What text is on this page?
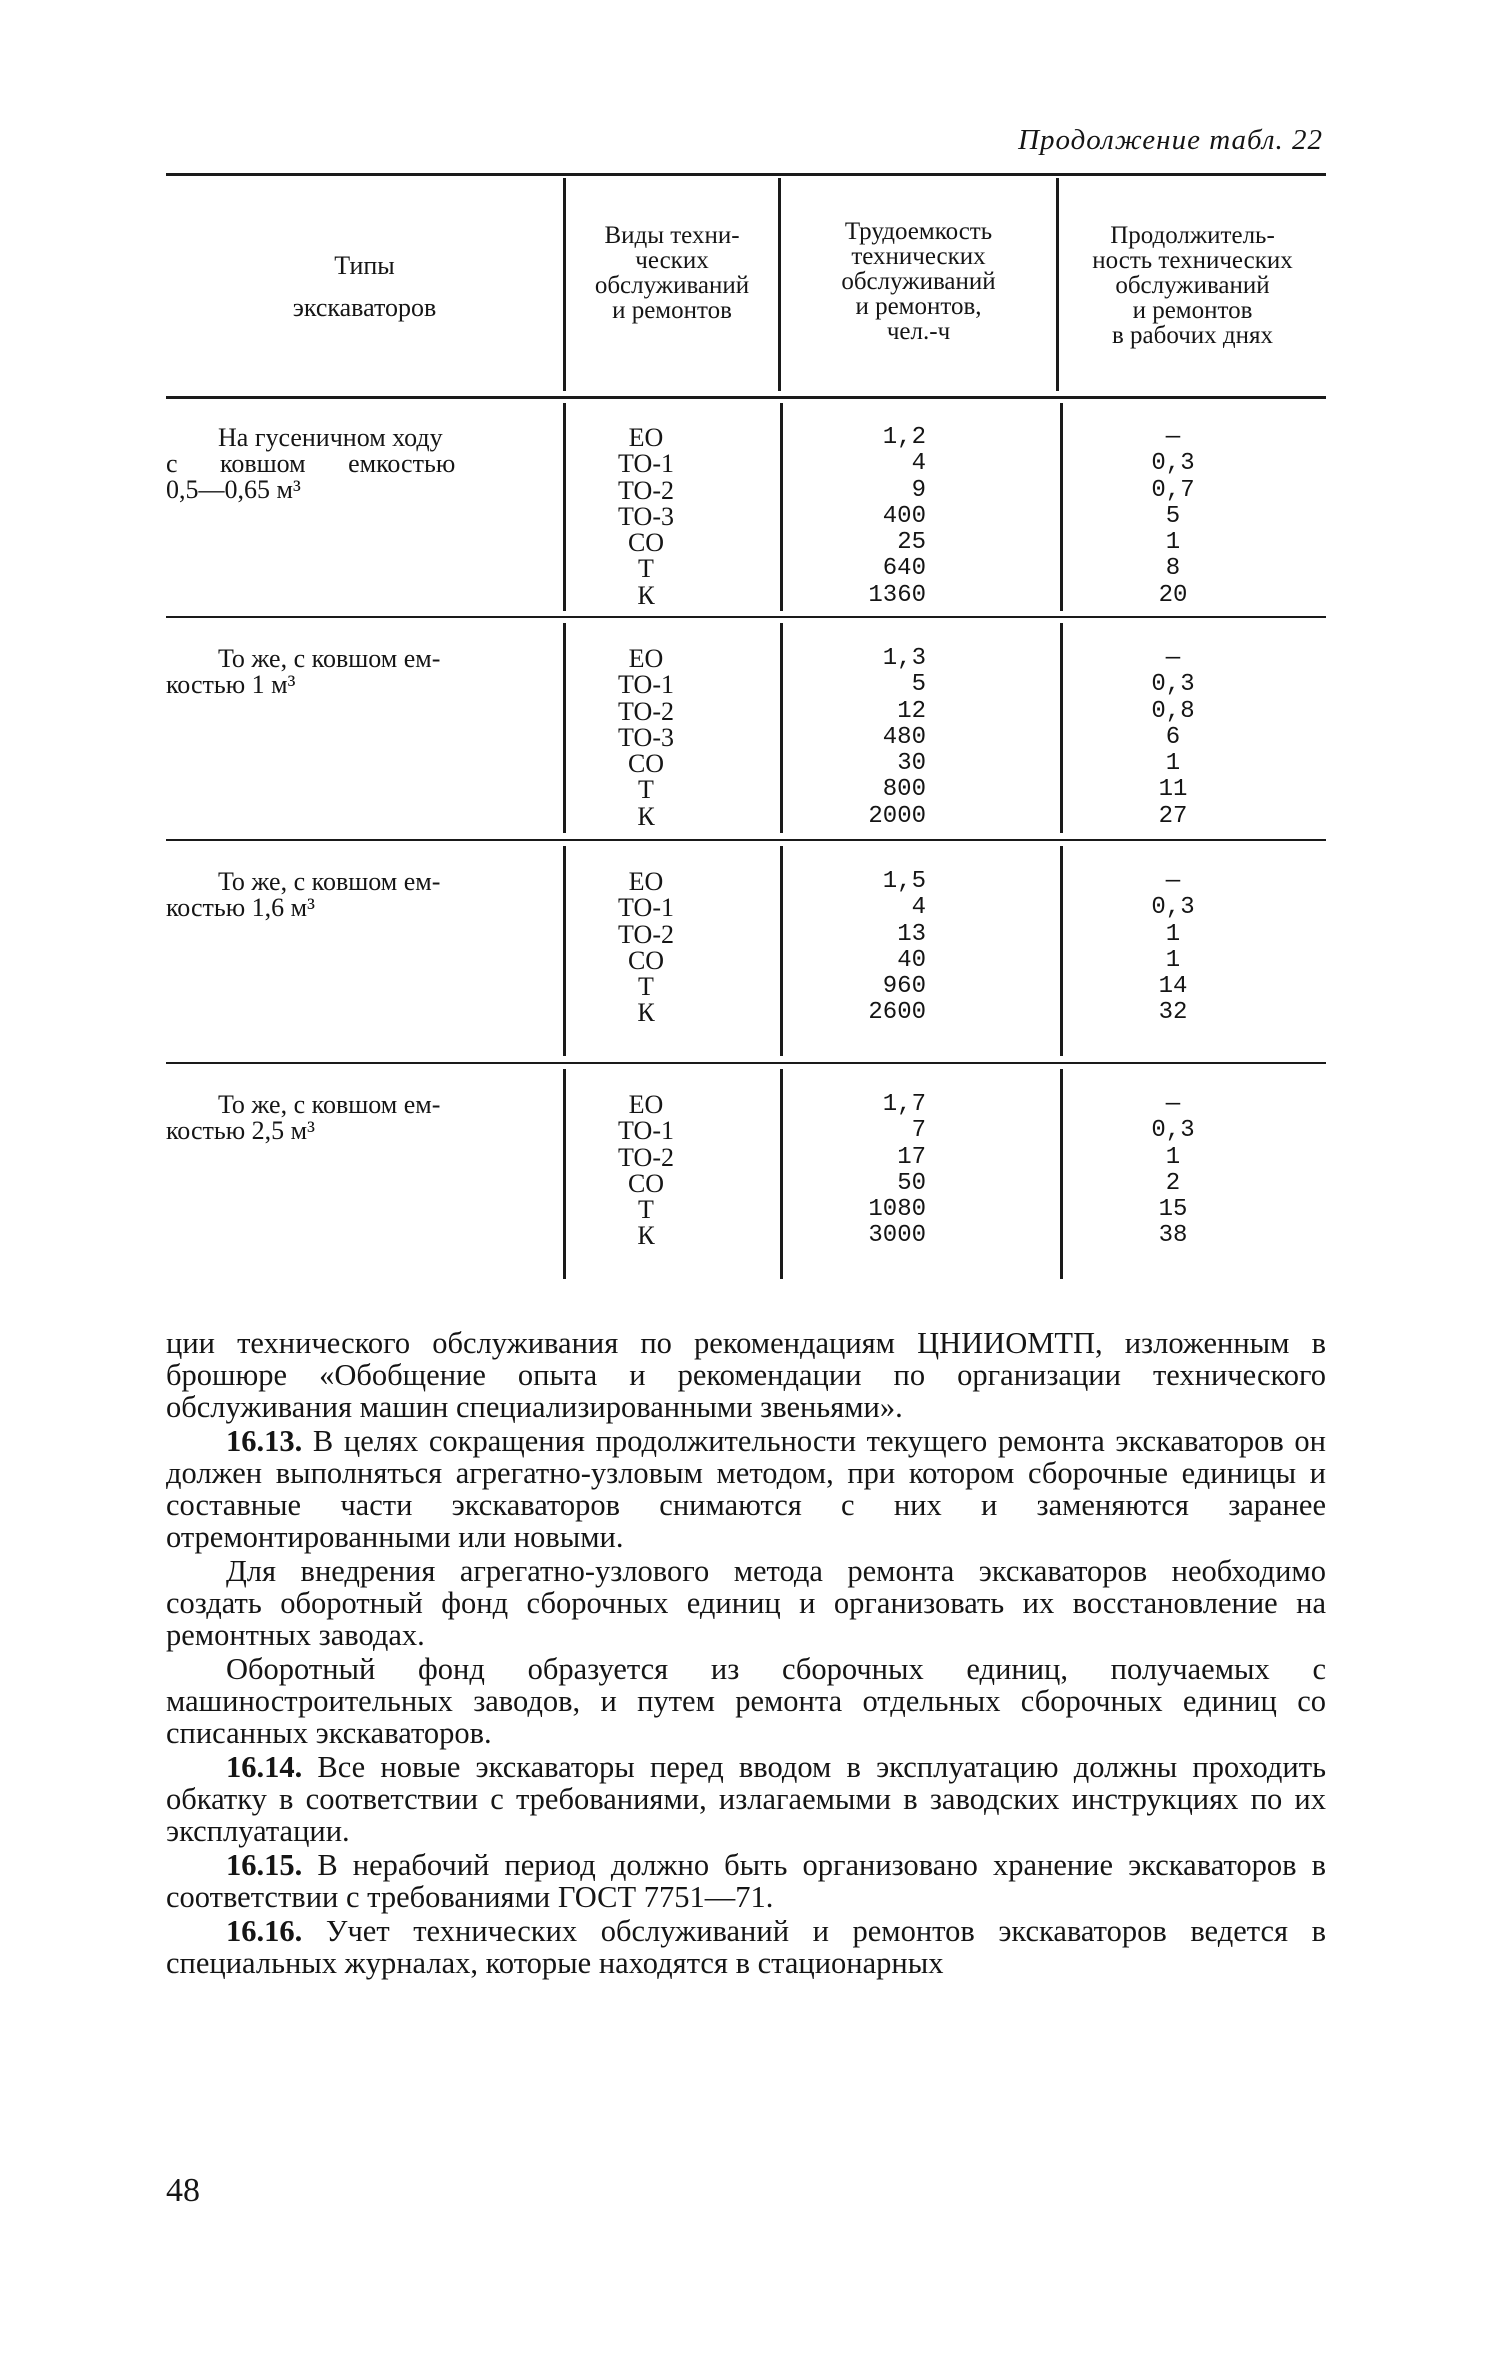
Продолжение табл. 22
Типы
экскаваторов
Виды техни-
ческих
обслуживаний
и ремонтов
Трудоемкость
технических
обслуживаний
и ремонтов,
чел.-ч
Продолжитель-
ность технических
обслуживаний
и ремонтов
в рабочих днях
На гусеничном ходу
с ковшом емкостью
0,5—0,65 м³
ЕО
ТО-1
ТО-2
ТО-3
СО
Т
К
1,2
4
9
400
25
640
1360
—
0,3
0,7
5
1
8
20
То же, с ковшом ем-
костью 1 м³
ЕО
ТО-1
ТО-2
ТО-3
СО
Т
К
1,3
5
12
480
30
800
2000
—
0,3
0,8
6
1
11
27
То же, с ковшом ем-
костью 1,6 м³
ЕО
ТО-1
ТО-2
СО
Т
К
1,5
4
13
40
960
2600
—
0,3
1
1
14
32
То же, с ковшом ем-
костью 2,5 м³
ЕО
ТО-1
ТО-2
СО
Т
К
1,7
7
17
50
1080
3000
—
0,3
1
2
15
38

ции технического обслуживания по рекомендациям ЦНИИОМТП, изложенным в брошюре «Обобщение опыта и рекомендации по организации технического обслуживания машин специализированными звеньями».

16.13. В целях сокращения продолжительности текущего ремонта экскаваторов он должен выполняться агрегатно-узловым методом, при котором сборочные единицы и составные части экскаваторов снимаются с них и заменяются заранее отремонтированными или новыми.

Для внедрения агрегатно-узлового метода ремонта экскаваторов необходимо создать оборотный фонд сборочных единиц и организовать их восстановление на ремонтных заводах.

Оборотный фонд образуется из сборочных единиц, получаемых с машиностроительных заводов, и путем ремонта отдельных сборочных единиц со списанных экскаваторов.

16.14. Все новые экскаваторы перед вводом в эксплуатацию должны проходить обкатку в соответствии с требованиями, излагаемыми в заводских инструкциях по их эксплуатации.

16.15. В нерабочий период должно быть организовано хранение экскаваторов в соответствии с требованиями ГОСТ 7751—71.

16.16. Учет технических обслуживаний и ремонтов экскаваторов ведется в специальных журналах, которые находятся в стационарных

48
